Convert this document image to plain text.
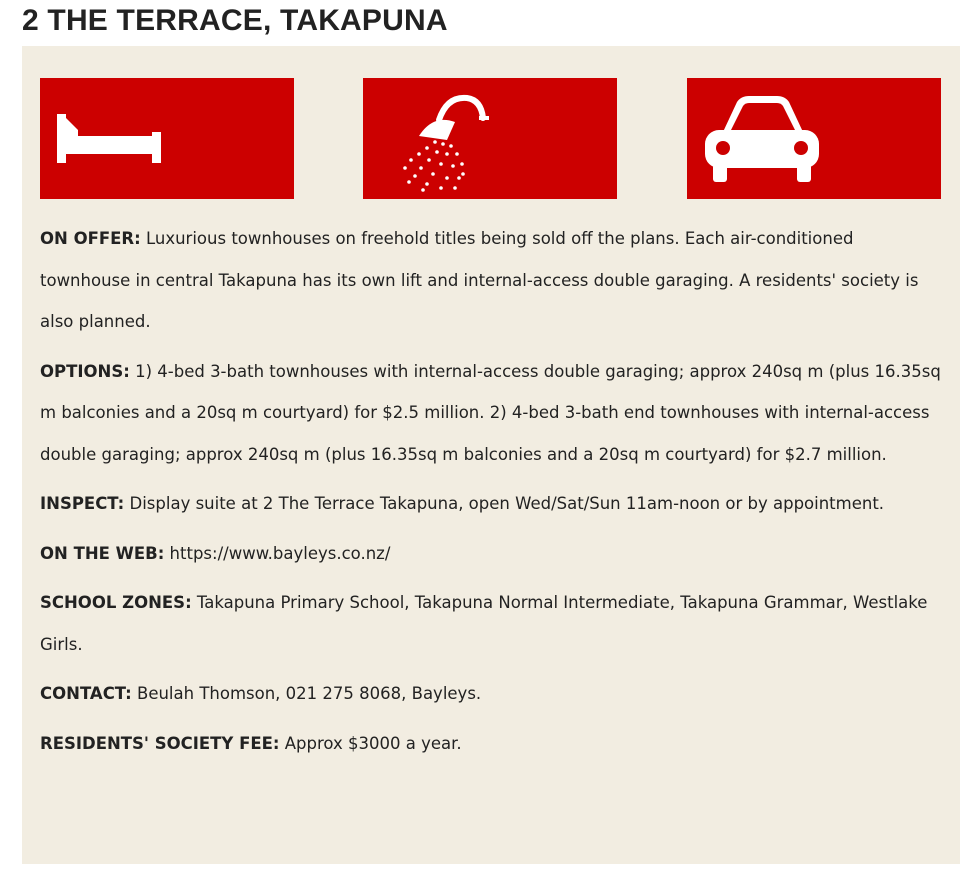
2 THE TERRACE, TAKAPUNA

ON OFFER: Luxurious townhouses on freehold titles being sold off the plans. Each air-conditioned townhouse in central Takapuna has its own lift and internal-access double garaging. A residents' society is also planned.

OPTIONS: 1) 4-bed 3-bath townhouses with internal-access double garaging; approx 240sq m (plus 16.35sq m balconies and a 20sq m courtyard) for $2.5 million. 2) 4-bed 3-bath end townhouses with internal-access double garaging; approx 240sq m (plus 16.35sq m balconies and a 20sq m courtyard) for $2.7 million.

INSPECT: Display suite at 2 The Terrace Takapuna, open Wed/Sat/Sun 11am-noon or by appointment.

ON THE WEB: https://www.bayleys.co.nz/

SCHOOL ZONES: Takapuna Primary School, Takapuna Normal Intermediate, Takapuna Grammar, Westlake Girls.

CONTACT: Beulah Thomson, 021 275 8068, Bayleys.

RESIDENTS' SOCIETY FEE: Approx $3000 a year.
